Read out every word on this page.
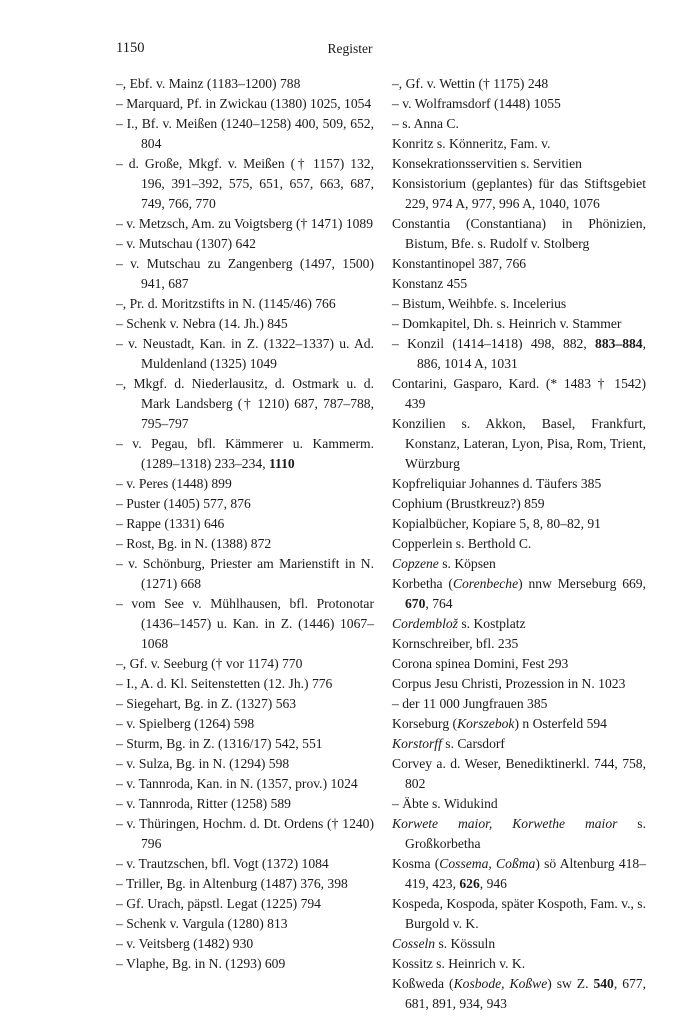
1150	Register

–, Ebf. v. Mainz (1183–1200) 788

– Marquard, Pf. in Zwickau (1380) 1025, 1054

– I., Bf. v. Meißen (1240–1258) 400, 509, 652, 804

– d. Große, Mkgf. v. Meißen († 1157) 132, 196, 391–392, 575, 651, 657, 663, 687, 749, 766, 770

– v. Metzsch, Am. zu Voigtsberg († 1471) 1089

– v. Mutschau (1307) 642

– v. Mutschau zu Zangenberg (1497, 1500) 941, 687

–, Pr. d. Moritzstifts in N. (1145/46) 766

– Schenk v. Nebra (14. Jh.) 845

– v. Neustadt, Kan. in Z. (1322–1337) u. Ad. Muldenland (1325) 1049

–, Mkgf. d. Niederlausitz, d. Ostmark u. d. Mark Landsberg († 1210) 687, 787–788, 795–797

– v. Pegau, bfl. Kämmerer u. Kammerm. (1289–1318) 233–234, 1110

– v. Peres (1448) 899

– Puster (1405) 577, 876

– Rappe (1331) 646

– Rost, Bg. in N. (1388) 872

– v. Schönburg, Priester am Marienstift in N. (1271) 668

– vom See v. Mühlhausen, bfl. Protonotar (1436–1457) u. Kan. in Z. (1446) 1067–1068

–, Gf. v. Seeburg († vor 1174) 770

– I., A. d. Kl. Seitenstetten (12. Jh.) 776

– Siegehart, Bg. in Z. (1327) 563

– v. Spielberg (1264) 598

– Sturm, Bg. in Z. (1316/17) 542, 551

– v. Sulza, Bg. in N. (1294) 598

– v. Tannroda, Kan. in N. (1357, prov.) 1024

– v. Tannroda, Ritter (1258) 589

– v. Thüringen, Hochm. d. Dt. Ordens († 1240) 796

– v. Trautzschen, bfl. Vogt (1372) 1084

– Triller, Bg. in Altenburg (1487) 376, 398

– Gf. Urach, päpstl. Legat (1225) 794

– Schenk v. Vargula (1280) 813

– v. Veitsberg (1482) 930

– Vlaphe, Bg. in N. (1293) 609

–, Gf. v. Wettin († 1175) 248

– v. Wolframsdorf (1448) 1055

– s. Anna C.

Konritz s. Könneritz, Fam. v.

Konsekrationsservitien s. Servitien

Konsistorium (geplantes) für das Stiftsgebiet 229, 974 A, 977, 996 A, 1040, 1076

Constantia (Constantiana) in Phönizien, Bistum, Bfe. s. Rudolf v. Stolberg

Konstantinopel 387, 766

Konstanz 455

– Bistum, Weihbfe. s. Incelerius

– Domkapitel, Dh. s. Heinrich v. Stammer

– Konzil (1414–1418) 498, 882, 883–884, 886, 1014 A, 1031

Contarini, Gasparo, Kard. (* 1483 † 1542) 439

Konzilien s. Akkon, Basel, Frankfurt, Konstanz, Lateran, Lyon, Pisa, Rom, Trient, Würzburg

Kopfreliquiar Johannes d. Täufers 385

Cophium (Brustkreuz?) 859

Kopialbücher, Kopiare 5, 8, 80–82, 91

Copperlein s. Berthold C.

Copzene s. Köpsen

Korbetha (Corenbeche) nnw Merseburg 669, 670, 764

Cordemblož s. Kostplatz

Kornschreiber, bfl. 235

Corona spinea Domini, Fest 293

Corpus Jesu Christi, Prozession in N. 1023

– der 11 000 Jungfrauen 385

Korseburg (Korszebok) n Osterfeld 594

Korstorff s. Carsdorf

Corvey a. d. Weser, Benediktinerkl. 744, 758, 802

– Äbte s. Widukind

Korwete maior, Korwethe maior s. Großkorbetha

Kosma (Cossema, Coßma) sö Altenburg 418–419, 423, 626, 946

Kospeda, Kospoda, später Kospoth, Fam. v., s. Burgold v. K.

Cosseln s. Kössuln

Kossitz s. Heinrich v. K.

Koßweda (Kosbode, Koßwe) sw Z. 540, 677, 681, 891, 934, 943
